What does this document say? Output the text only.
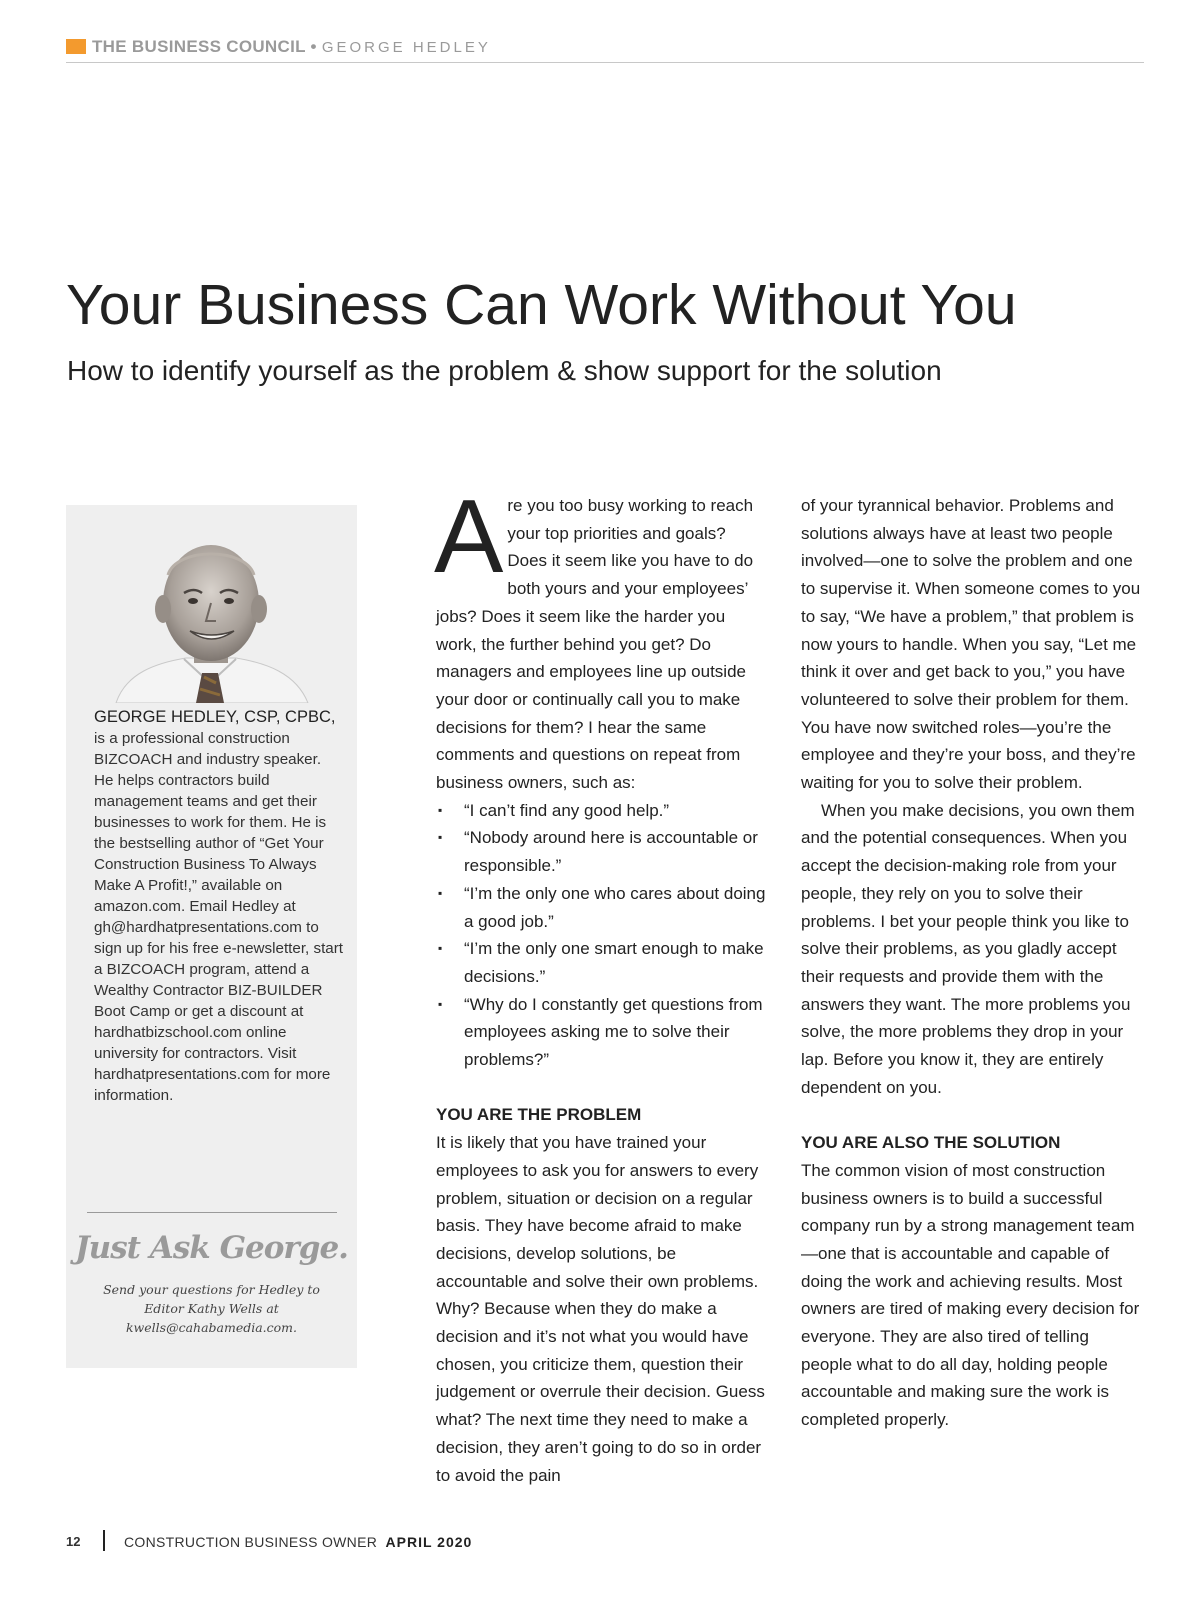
THE BUSINESS COUNCIL • GEORGE HEDLEY
Your Business Can Work Without You
How to identify yourself as the problem & show support for the solution

GEORGE HEDLEY, CSP, CPBC, is a professional construction BIZCOACH and industry speaker. He helps contractors build management teams and get their businesses to work for them. He is the bestselling author of “Get Your Construction Business To Always Make A Profit!,” available on amazon.com. Email Hedley at gh@hardhatpresentations.com to sign up for his free e-newsletter, start a BIZCOACH program, attend a Wealthy Contractor BIZ-BUILDER Boot Camp or get a discount at hardhatbizschool.com online university for contractors. Visit hardhatpresentations.com for more information.

Just Ask George.

Send your questions for Hedley to Editor Kathy Wells at kwells@cahabamedia.com.

Are you too busy working to reach your top priorities and goals? Does it seem like you have to do both yours and your employees’ jobs? Does it seem like the harder you work, the further behind you get? Do managers and employees line up outside your door or continually call you to make decisions for them? I hear the same comments and questions on repeat from business owners, such as:

▪ “I can’t find any good help.”
▪ “Nobody around here is accountable or responsible.”
▪ “I’m the only one who cares about doing a good job.”
▪ “I’m the only one smart enough to make decisions.”
▪ “Why do I constantly get questions from employees asking me to solve their problems?”
YOU ARE THE PROBLEM

It is likely that you have trained your employees to ask you for answers to every problem, situation or decision on a regular basis. They have become afraid to make decisions, develop solutions, be accountable and solve their own problems. Why? Because when they do make a decision and it’s not what you would have chosen, you criticize them, question their judgement or overrule their decision. Guess what? The next time they need to make a decision, they aren’t going to do so in order to avoid the pain

of your tyrannical behavior. Problems and solutions always have at least two people involved—one to solve the problem and one to supervise it. When someone comes to you to say, “We have a problem,” that problem is now yours to handle. When you say, “Let me think it over and get back to you,” you have volunteered to solve their problem for them. You have now switched roles—you’re the employee and they’re your boss, and they’re waiting for you to solve their problem.

When you make decisions, you own them and the potential consequences. When you accept the decision-making role from your people, they rely on you to solve their problems. I bet your people think you like to solve their problems, as you gladly accept their requests and provide them with the answers they want. The more problems you solve, the more problems they drop in your lap. Before you know it, they are entirely dependent on you.

YOU ARE ALSO THE SOLUTION

The common vision of most construction business owners is to build a successful company run by a strong management team—one that is accountable and capable of doing the work and achieving results. Most owners are tired of making every decision for everyone. They are also tired of telling people what to do all day, holding people accountable and making sure the work is completed properly.

12	CONSTRUCTION BUSINESS OWNER APRIL 2020
